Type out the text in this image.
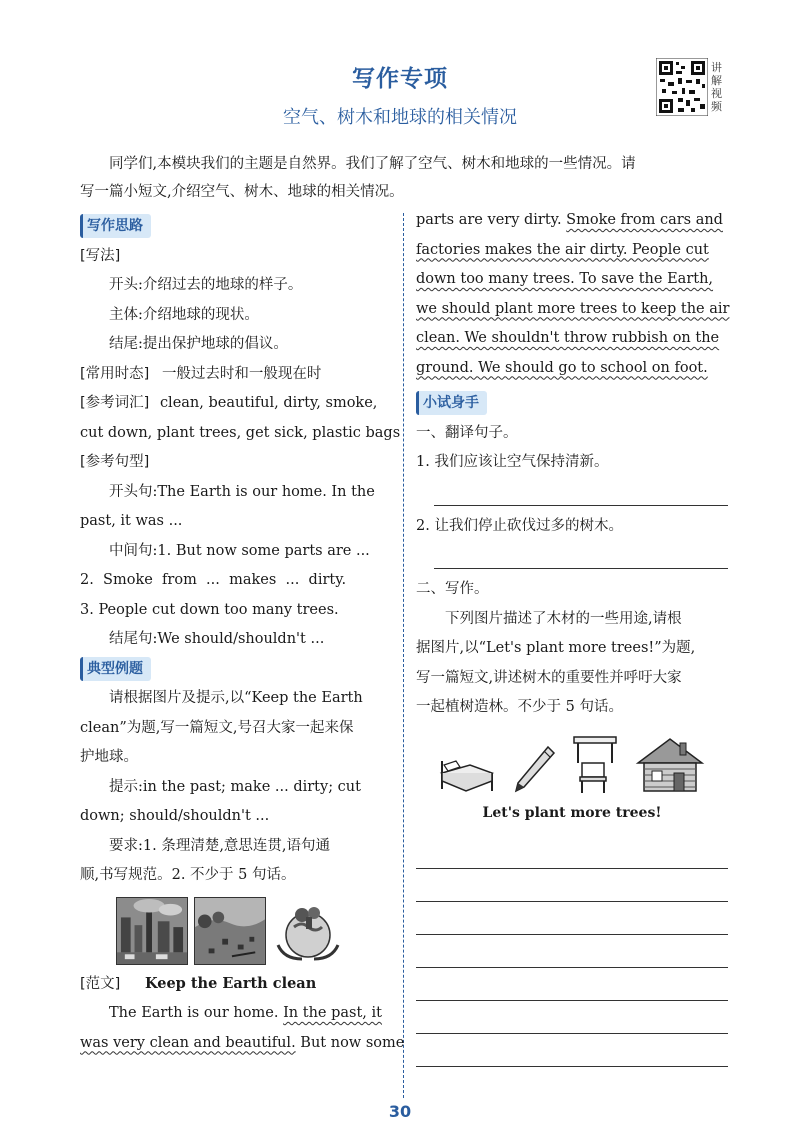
写作专项
空气、树木和地球的相关情况
讲解视频

同学们,本模块我们的主题是自然界。我们了解了空气、树木和地球的一些情况。请

写一篇小短文,介绍空气、树木、地球的相关情况。
写作思路
[写法]
开头:介绍过去的地球的样子。
主体:介绍地球的现状。
结尾:提出保护地球的倡议。
[常用时态] 一般过去时和一般现在时
[参考词汇] clean, beautiful, dirty, smoke,
cut down, plant trees, get sick, plastic bags
[参考句型]
开头句:The Earth is our home. In the
past, it was ...
中间句:1. But now some parts are ...
2.  Smoke  from  ...  makes  ...  dirty.
3. People cut down too many trees.
结尾句:We should/shouldn't ...
典型例题
请根据图片及提示,以“Keep the Earth
clean”为题,写一篇短文,号召大家一起来保
护地球。
提示:in the past; make ... dirty; cut
down; should/shouldn't ...
要求:1. 条理清楚,意思连贯,语句通
顺,书写规范。2. 不少于 5 句话。
[范文] Keep the Earth clean
The Earth is our home. In the past, it
was very clean and beautiful. But now some
parts are very dirty. Smoke from cars and
factories makes the air dirty. People cut
down too many trees. To save the Earth,
we should plant more trees to keep the air
clean. We shouldn't throw rubbish on the
ground. We should go to school on foot.
小试身手
一、翻译句子。
1. 我们应该让空气保持清新。
2. 让我们停止砍伐过多的树木。
二、写作。
下列图片描述了木材的一些用途,请根
据图片,以“Let's plant more trees!”为题,
写一篇短文,讲述树木的重要性并呼吁大家
一起植树造林。不少于 5 句话。
Let's plant more trees!
30
